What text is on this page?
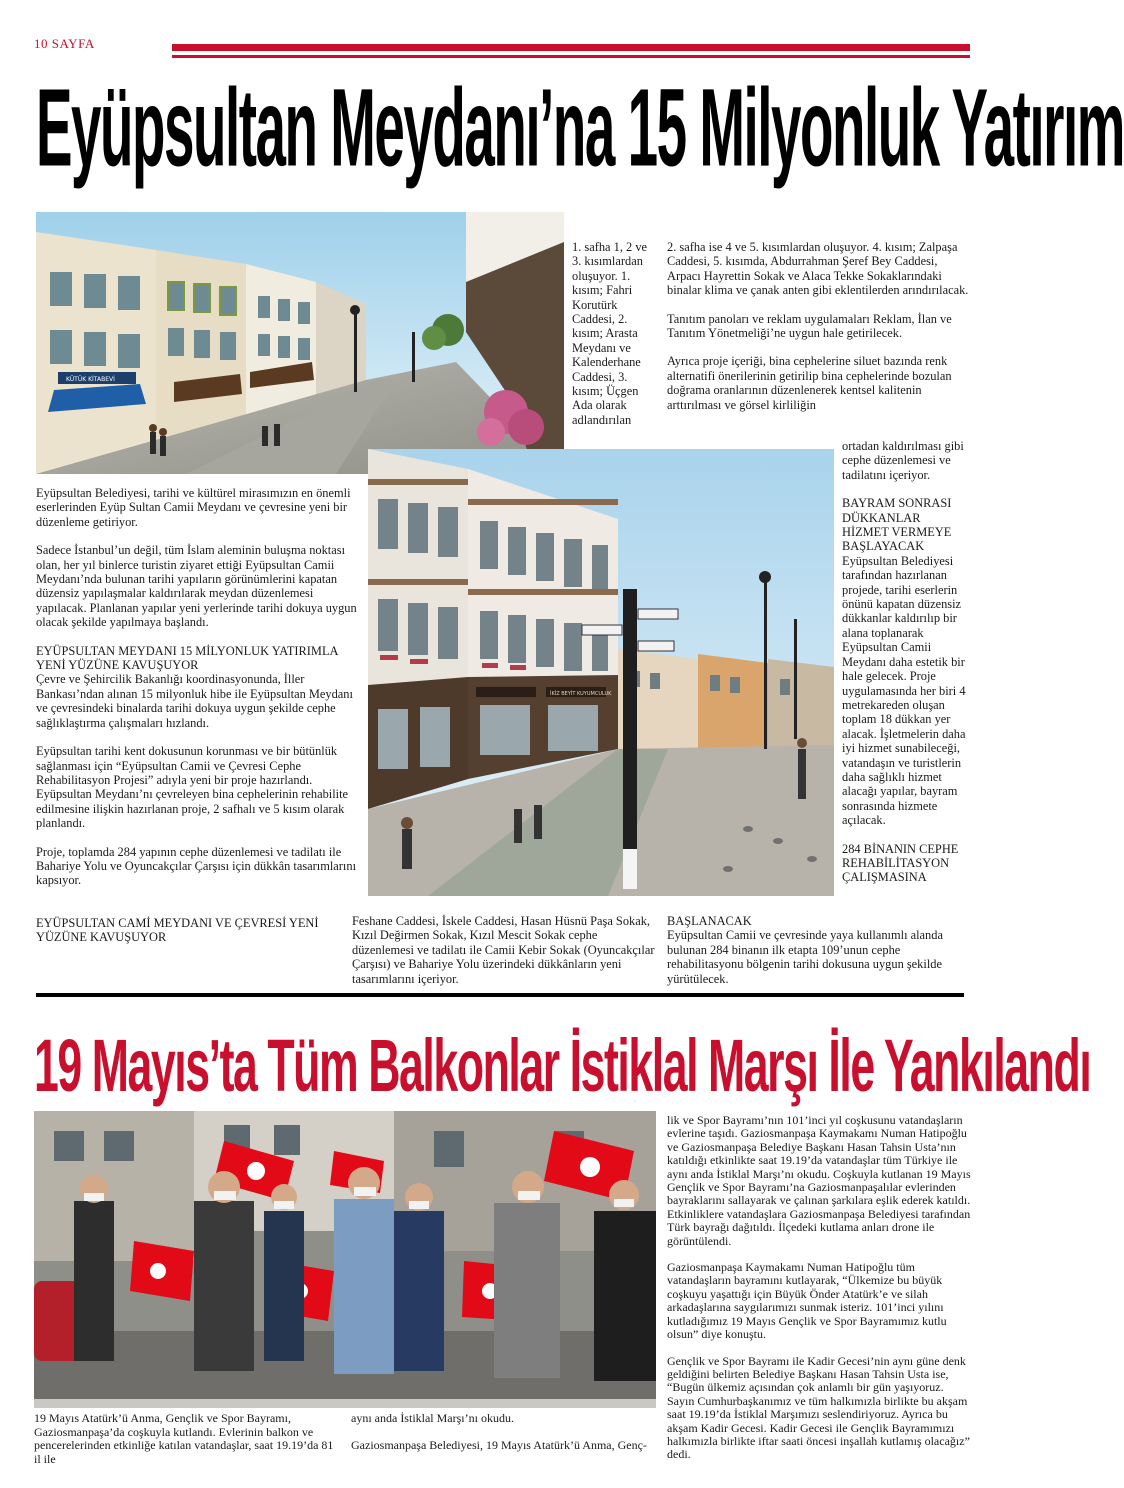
10 SAYFA
Eyüpsultan Meydanı’na 15 Milyonluk Yatırım
KÜTÜK KİTABEVİ
1. safha 1, 2 ve 3. kısımlardan oluşuyor. 1. kısım; Fahri Korutürk Caddesi, 2. kısım; Arasta Meydanı ve Kalenderhane Caddesi, 3. kısım; Üçgen Ada olarak adlandırılan

2. safha ise 4 ve 5. kısımlardan oluşuyor. 4. kısım; Zalpaşa Caddesi, 5. kısımda, Abdurrahman Şeref Bey Caddesi, Arpacı Hayrettin Sokak ve Alaca Tekke Sokaklarındaki binalar klima ve çanak anten gibi eklentilerden arındırılacak.

Tanıtım panoları ve reklam uygulamaları Reklam, İlan ve Tanıtım Yönetmeliği’ne uygun hale getirilecek.

Ayrıca proje içeriği, bina cephelerine siluet bazında renk alternatifi önerilerinin getirilip bina cephelerinde bozulan doğrama oranlarının düzenlenerek kentsel kalitenin arttırılması ve görsel kirliliğin

Eyüpsultan Belediyesi, tarihi ve kültürel mirasımızın en önemli eserlerinden Eyüp Sultan Camii Meydanı ve çevresine yeni bir düzenleme getiriyor.

Sadece İstanbul’un değil, tüm İslam aleminin buluşma noktası olan, her yıl binlerce turistin ziyaret ettiği Eyüpsultan Camii Meydanı’nda bulunan tarihi yapıların görünümlerini kapatan düzensiz yapılaşmalar kaldırılarak meydan düzenlemesi yapılacak. Planlanan yapılar yeni yerlerinde tarihi dokuya uygun olacak şekilde yapılmaya başlandı.

EYÜPSULTAN MEYDANI 15 MİLYONLUK YATIRIMLA YENİ YÜZÜNE KAVUŞUYOR
Çevre ve Şehircilik Bakanlığı koordinasyonunda, İller Bankası’ndan alınan 15 milyonluk hibe ile Eyüpsultan Meydanı ve çevresindeki binalarda tarihi dokuya uygun şekilde cephe sağlıklaştırma çalışmaları hızlandı.

Eyüpsultan tarihi kent dokusunun korunması ve bir bütünlük sağlanması için “Eyüpsultan Camii ve Çevresi Cephe Rehabilitasyon Projesi” adıyla yeni bir proje hazırlandı. Eyüpsultan Meydanı’nı çevreleyen bina cephelerinin rehabilite edilmesine ilişkin hazırlanan proje, 2 safhalı ve 5 kısım olarak planlandı.

Proje, toplamda 284 yapının cephe düzenlemesi ve tadilatı ile Bahariye Yolu ve Oyuncakçılar Çarşısı için dükkân tasarımlarını kapsıyor.

EYÜPSULTAN CAMİ MEYDANI VE ÇEVRESİ YENİ YÜZÜNE KAVUŞUYOR

İKİZ BEYİT KUYUMCULUK

ortadan kaldırılması gibi cephe düzenlemesi ve tadilatını içeriyor.

BAYRAM SONRASI DÜKKANLAR HİZMET VERMEYE BAŞLAYACAK
Eyüpsultan Belediyesi tarafından hazırlanan projede, tarihi eserlerin önünü kapatan düzensiz dükkanlar kaldırılıp bir alana toplanarak Eyüpsultan Camii Meydanı daha estetik bir hale gelecek. Proje uygulamasında her biri 4 metrekareden oluşan toplam 18 dükkan yer alacak. İşletmelerin daha iyi hizmet sunabileceği, vatandaşın ve turistlerin daha sağlıklı hizmet alacağı yapılar, bayram sonrasında hizmete açılacak.

284 BİNANIN CEPHE REHABİLİTASYON ÇALIŞMASINA

Feshane Caddesi, İskele Caddesi, Hasan Hüsnü Paşa Sokak, Kızıl Değirmen Sokak, Kızıl Mescit Sokak cephe düzenlemesi ve tadilatı ile Camii Kebir Sokak (Oyuncakçılar Çarşısı) ve Bahariye Yolu üzerindeki dükkânların yeni tasarımlarını içeriyor.
BAŞLANACAK
Eyüpsultan Camii ve çevresinde yaya kullanımlı alanda bulunan 284 binanın ilk etapta 109’unun cephe rehabilitasyonu bölgenin tarihi dokusuna uygun şekilde yürütülecek.
19 Mayıs’ta Tüm Balkonlar İstiklal Marşı İle Yankılandı
19 Mayıs Atatürk’ü Anma, Gençlik ve Spor Bayramı, Gaziosmanpaşa’da coşkuyla kutlandı. Evlerinin balkon ve pencerelerinden etkinliğe katılan vatandaşlar, saat 19.19’da 81 il ile

aynı anda İstiklal Marşı’nı okudu.

Gaziosmanpaşa Belediyesi, 19 Mayıs Atatürk’ü Anma, Genç-

lik ve Spor Bayramı’nın 101’inci yıl coşkusunu vatandaşların evlerine taşıdı. Gaziosmanpaşa Kaymakamı Numan Hatipoğlu ve Gaziosmanpaşa Belediye Başkanı Hasan Tahsin Usta’nın katıldığı etkinlikte saat 19.19’da vatandaşlar tüm Türkiye ile aynı anda İstiklal Marşı’nı okudu. Coşkuyla kutlanan 19 Mayıs Gençlik ve Spor Bayramı’na Gaziosmanpaşalılar evlerinden bayraklarını sallayarak ve çalınan şarkılara eşlik ederek katıldı. Etkinliklere vatandaşlara Gaziosmanpaşa Belediyesi tarafından Türk bayrağı dağıtıldı. İlçedeki kutlama anları drone ile görüntülendi.

Gaziosmanpaşa Kaymakamı Numan Hatipoğlu tüm vatandaşların bayramını kutlayarak, “Ülkemize bu büyük coşkuyu yaşattığı için Büyük Önder Atatürk’e ve silah arkadaşlarına saygılarımızı sunmak isteriz. 101’inci yılını kutladığımız 19 Mayıs Gençlik ve Spor Bayramımız kutlu olsun” diye konuştu.

Gençlik ve Spor Bayramı ile Kadir Gecesi’nin aynı güne denk geldiğini belirten Belediye Başkanı Hasan Tahsin Usta ise, “Bugün ülkemiz açısından çok anlamlı bir gün yaşıyoruz. Sayın Cumhurbaşkanımız ve tüm halkımızla birlikte bu akşam saat 19.19’da İstiklal Marşımızı seslendiriyoruz. Ayrıca bu akşam Kadir Gecesi. Kadir Gecesi ile Gençlik Bayramımızı halkımızla birlikte iftar saati öncesi inşallah kutlamış olacağız” dedi.
